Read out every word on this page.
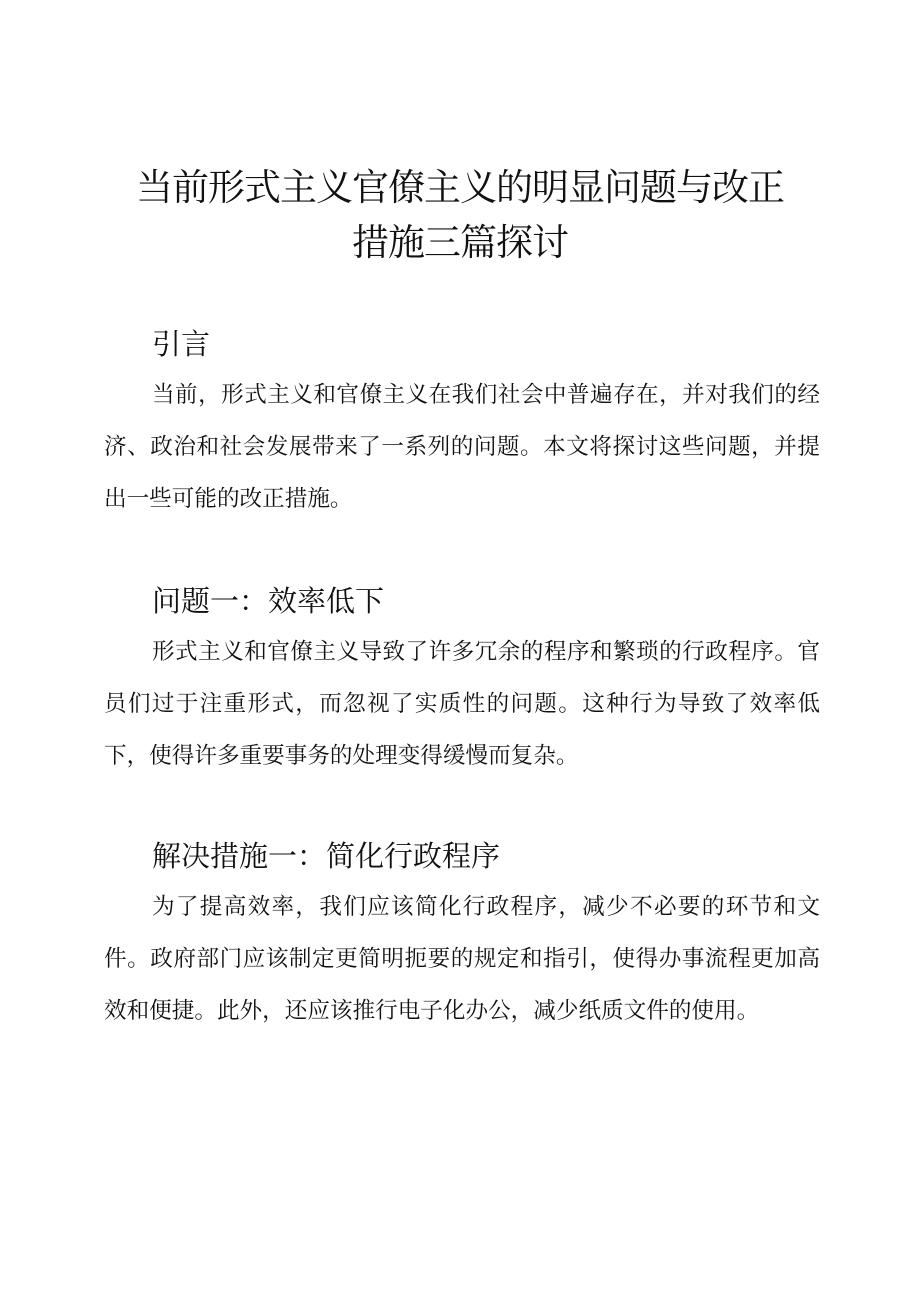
当前形式主义官僚主义的明显问题与改正
措施三篇探讨
引言

当前，形式主义和官僚主义在我们社会中普遍存在，并对我们的经济、政治和社会发展带来了一系列的问题。本文将探讨这些问题，并提出一些可能的改正措施。

问题一：效率低下

形式主义和官僚主义导致了许多冗余的程序和繁琐的行政程序。官员们过于注重形式，而忽视了实质性的问题。这种行为导致了效率低下，使得许多重要事务的处理变得缓慢而复杂。

解决措施一：简化行政程序

为了提高效率，我们应该简化行政程序，减少不必要的环节和文件。政府部门应该制定更简明扼要的规定和指引，使得办事流程更加高效和便捷。此外，还应该推行电子化办公，减少纸质文件的使用。
